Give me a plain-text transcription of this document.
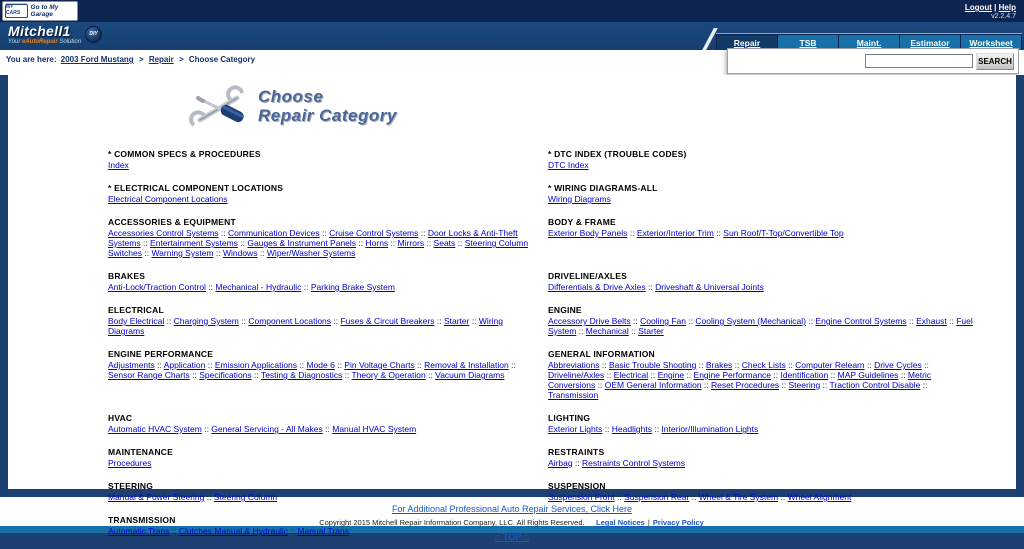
MY CARS
Go to My Garage
Logout | Help
v2.2.4.7
Mitchell1
Your eAutoRepair Solution
DIY
Repair	TSB	Maint.	Estimator	Worksheet
You are here: 2003 Ford Mustang > Repair > Choose Category	SEARCH
Choose
Repair Category
* COMMON SPECS & PROCEDURES
Index
* DTC INDEX (TROUBLE CODES)
DTC Index
* ELECTRICAL COMPONENT LOCATIONS
Electrical Component Locations
* WIRING DIAGRAMS-ALL
Wiring Diagrams
ACCESSORIES & EQUIPMENT
Accessories Control Systems :: Communication Devices :: Cruise Control Systems :: Door Locks & Anti-Theft Systems :: Entertainment Systems :: Gauges & Instrument Panels :: Horns :: Mirrors :: Seats :: Steering Column Switches :: Warning System :: Windows :: Wiper/Washer Systems
BODY & FRAME
Exterior Body Panels :: Exterior/Interior Trim :: Sun Roof/T-Top/Convertible Top
BRAKES
Anti-Lock/Traction Control :: Mechanical - Hydraulic :: Parking Brake System
DRIVELINE/AXLES
Differentials & Drive Axles :: Driveshaft & Universal Joints
ELECTRICAL
Body Electrical :: Charging System :: Component Locations :: Fuses & Circuit Breakers :: Starter :: Wiring Diagrams
ENGINE
Accessory Drive Belts :: Cooling Fan :: Cooling System (Mechanical) :: Engine Control Systems :: Exhaust :: Fuel System :: Mechanical :: Starter
ENGINE PERFORMANCE
Adjustments :: Application :: Emission Applications :: Mode 6 :: Pin Voltage Charts :: Removal & Installation :: Sensor Range Charts :: Specifications :: Testing & Diagnostics :: Theory & Operation :: Vacuum Diagrams
GENERAL INFORMATION
Abbreviations :: Basic Trouble Shooting :: Brakes :: Check Lists :: Computer Relearn :: Drive Cycles :: Driveline/Axles :: Electrical :: Engine :: Engine Performance :: Identification :: MAP Guidelines :: Metric Conversions :: OEM General Information :: Reset Procedures :: Steering :: Traction Control Disable :: Transmission
HVAC
Automatic HVAC System :: General Servicing - All Makes :: Manual HVAC System
LIGHTING
Exterior Lights :: Headlights :: Interior/Illumination Lights
MAINTENANCE
Procedures
RESTRAINTS
Airbag :: Restraints Control Systems
STEERING
Manual & Power Steering :: Steering Column
SUSPENSION
Suspension Front :: Suspension Rear :: Wheel & Tire System :: Wheel Alignment
TRANSMISSION
Automatic Trans :: Clutches Manual & Hydraulic :: Manual Trans
For Additional Professional Auto Repair Services, Click Here
Copyright 2015 Mitchell Repair Information Company, LLC. All Rights Reserved. Legal Notices | Privacy Policy
:: TOP ::
